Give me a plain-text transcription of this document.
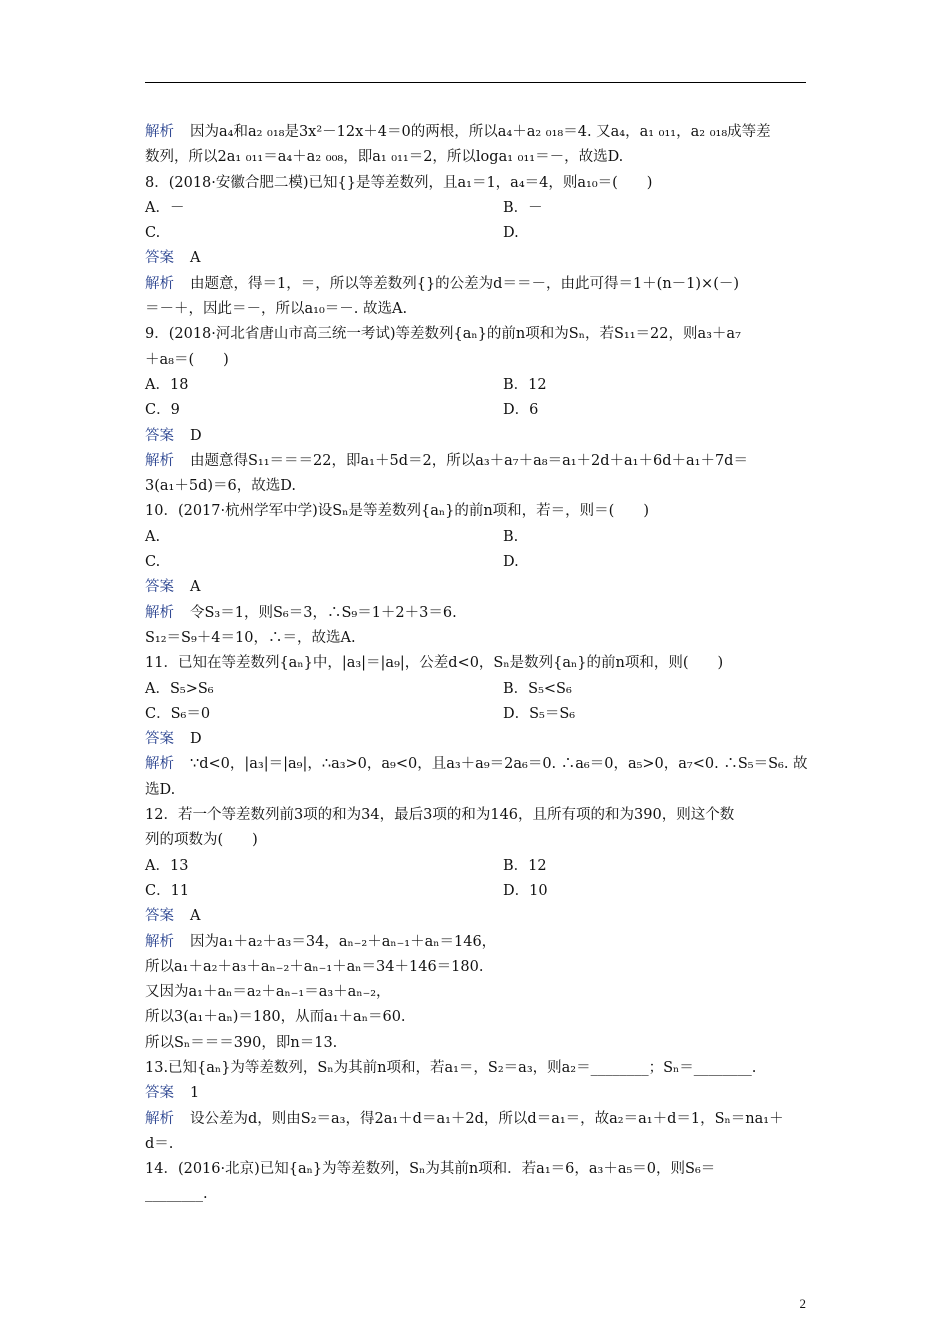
解析 因为a₄和a₂ ₀₁₈是3x²－12x＋4＝0的两根，所以a₄＋a₂ ₀₁₈＝4. 又a₄，a₁ ₀₁₁，a₂ ₀₁₈成等差
数列，所以2a₁ ₀₁₁＝a₄＋a₂ ₀₀₈，即a₁ ₀₁₁＝2，所以loga₁ ₀₁₁＝－，故选D.
8．(2018·安徽合肥二模)已知{}是等差数列，且a₁＝1，a₄＝4，则a₁₀＝(　　)
A．－	B．－
C.	D.
答案 A
解析 由题意，得＝1，＝，所以等差数列{}的公差为d＝＝－，由此可得＝1＋(n－1)×(－)
＝－＋，因此＝－，所以a₁₀＝－. 故选A.
9．(2018·河北省唐山市高三统一考试)等差数列{aₙ}的前n项和为Sₙ，若S₁₁＝22，则a₃＋a₇
＋a₈＝(　　)
A．18	B．12
C．9	D．6
答案 D
解析 由题意得S₁₁＝＝＝22，即a₁＋5d＝2，所以a₃＋a₇＋a₈＝a₁＋2d＋a₁＋6d＋a₁＋7d＝
3(a₁＋5d)＝6，故选D.
10．(2017·杭州学军中学)设Sₙ是等差数列{aₙ}的前n项和，若＝，则＝(　　)
A.	B.
C.	D.
答案 A
解析 令S₃＝1，则S₆＝3，∴S₉＝1＋2＋3＝6.
S₁₂＝S₉＋4＝10，∴＝，故选A.
11．已知在等差数列{aₙ}中，|a₃|＝|a₉|，公差d<0，Sₙ是数列{aₙ}的前n项和，则(　　)
A．S₅>S₆	B．S₅<S₆
C．S₆＝0	D．S₅＝S₆
答案 D
解析 ∵d<0，|a₃|＝|a₉|，∴a₃>0，a₉<0，且a₃＋a₉＝2a₆＝0. ∴a₆＝0，a₅>0，a₇<0. ∴S₅＝S₆. 故
选D.
12．若一个等差数列前3项的和为34，最后3项的和为146，且所有项的和为390，则这个数
列的项数为(　　)
A．13	B．12
C．11	D．10
答案 A
解析 因为a₁＋a₂＋a₃＝34，aₙ₋₂＋aₙ₋₁＋aₙ＝146，
所以a₁＋a₂＋a₃＋aₙ₋₂＋aₙ₋₁＋aₙ＝34＋146＝180.
又因为a₁＋aₙ＝a₂＋aₙ₋₁＝a₃＋aₙ₋₂，
所以3(a₁＋aₙ)＝180，从而a₁＋aₙ＝60.
所以Sₙ＝＝＝390，即n＝13.
13.已知{aₙ}为等差数列，Sₙ为其前n项和，若a₁＝，S₂＝a₃，则a₂＝________；Sₙ＝________.
答案 1
解析 设公差为d，则由S₂＝a₃，得2a₁＋d＝a₁＋2d，所以d＝a₁＝，故a₂＝a₁＋d＝1，Sₙ＝na₁＋
d＝.
14．(2016·北京)已知{aₙ}为等差数列，Sₙ为其前n项和．若a₁＝6，a₃＋a₅＝0，则S₆＝
________.
2
